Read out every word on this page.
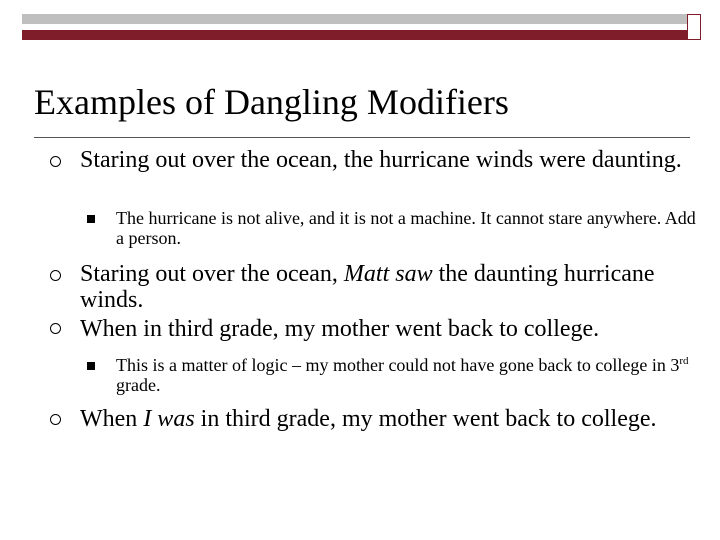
Examples of Dangling Modifiers
Staring out over the ocean, the hurricane winds were daunting.
The hurricane is not alive, and it is not a machine. It cannot stare anywhere. Add a person.
Staring out over the ocean, Matt saw the daunting hurricane winds.
When in third grade, my mother went back to college.
This is a matter of logic – my mother could not have gone back to college in 3rd grade.
When I was in third grade, my mother went back to college.
